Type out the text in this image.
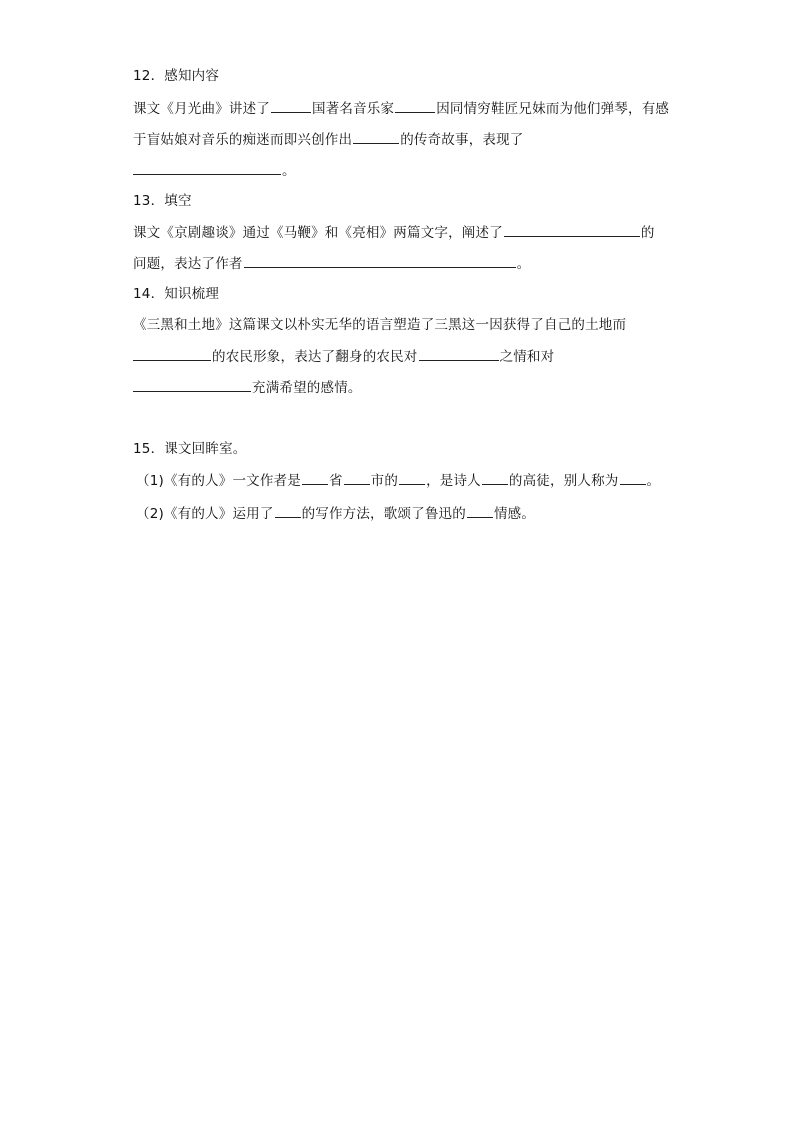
12．感知内容
课文《月光曲》讲述了	国著名音乐家	因同情穷鞋匠兄妹而为他们弹琴，有感
于盲姑娘对音乐的痴迷而即兴创作出	的传奇故事，表现了
。
13．填空
课文《京剧趣谈》通过《马鞭》和《亮相》两篇文字，阐述了	的
问题，表达了作者	。
14．知识梳理
《三黑和土地》这篇课文以朴实无华的语言塑造了三黑这一因获得了自己的土地而
的农民形象，表达了翻身的农民对	之情和对
充满希望的感情。
15．课文回眸室。
（1)《有的人》一文作者是 省 市的 ，是诗人 的高徒，别人称为 。
（2)《有的人》运用了 的写作方法，歌颂了鲁迅的 情感。
